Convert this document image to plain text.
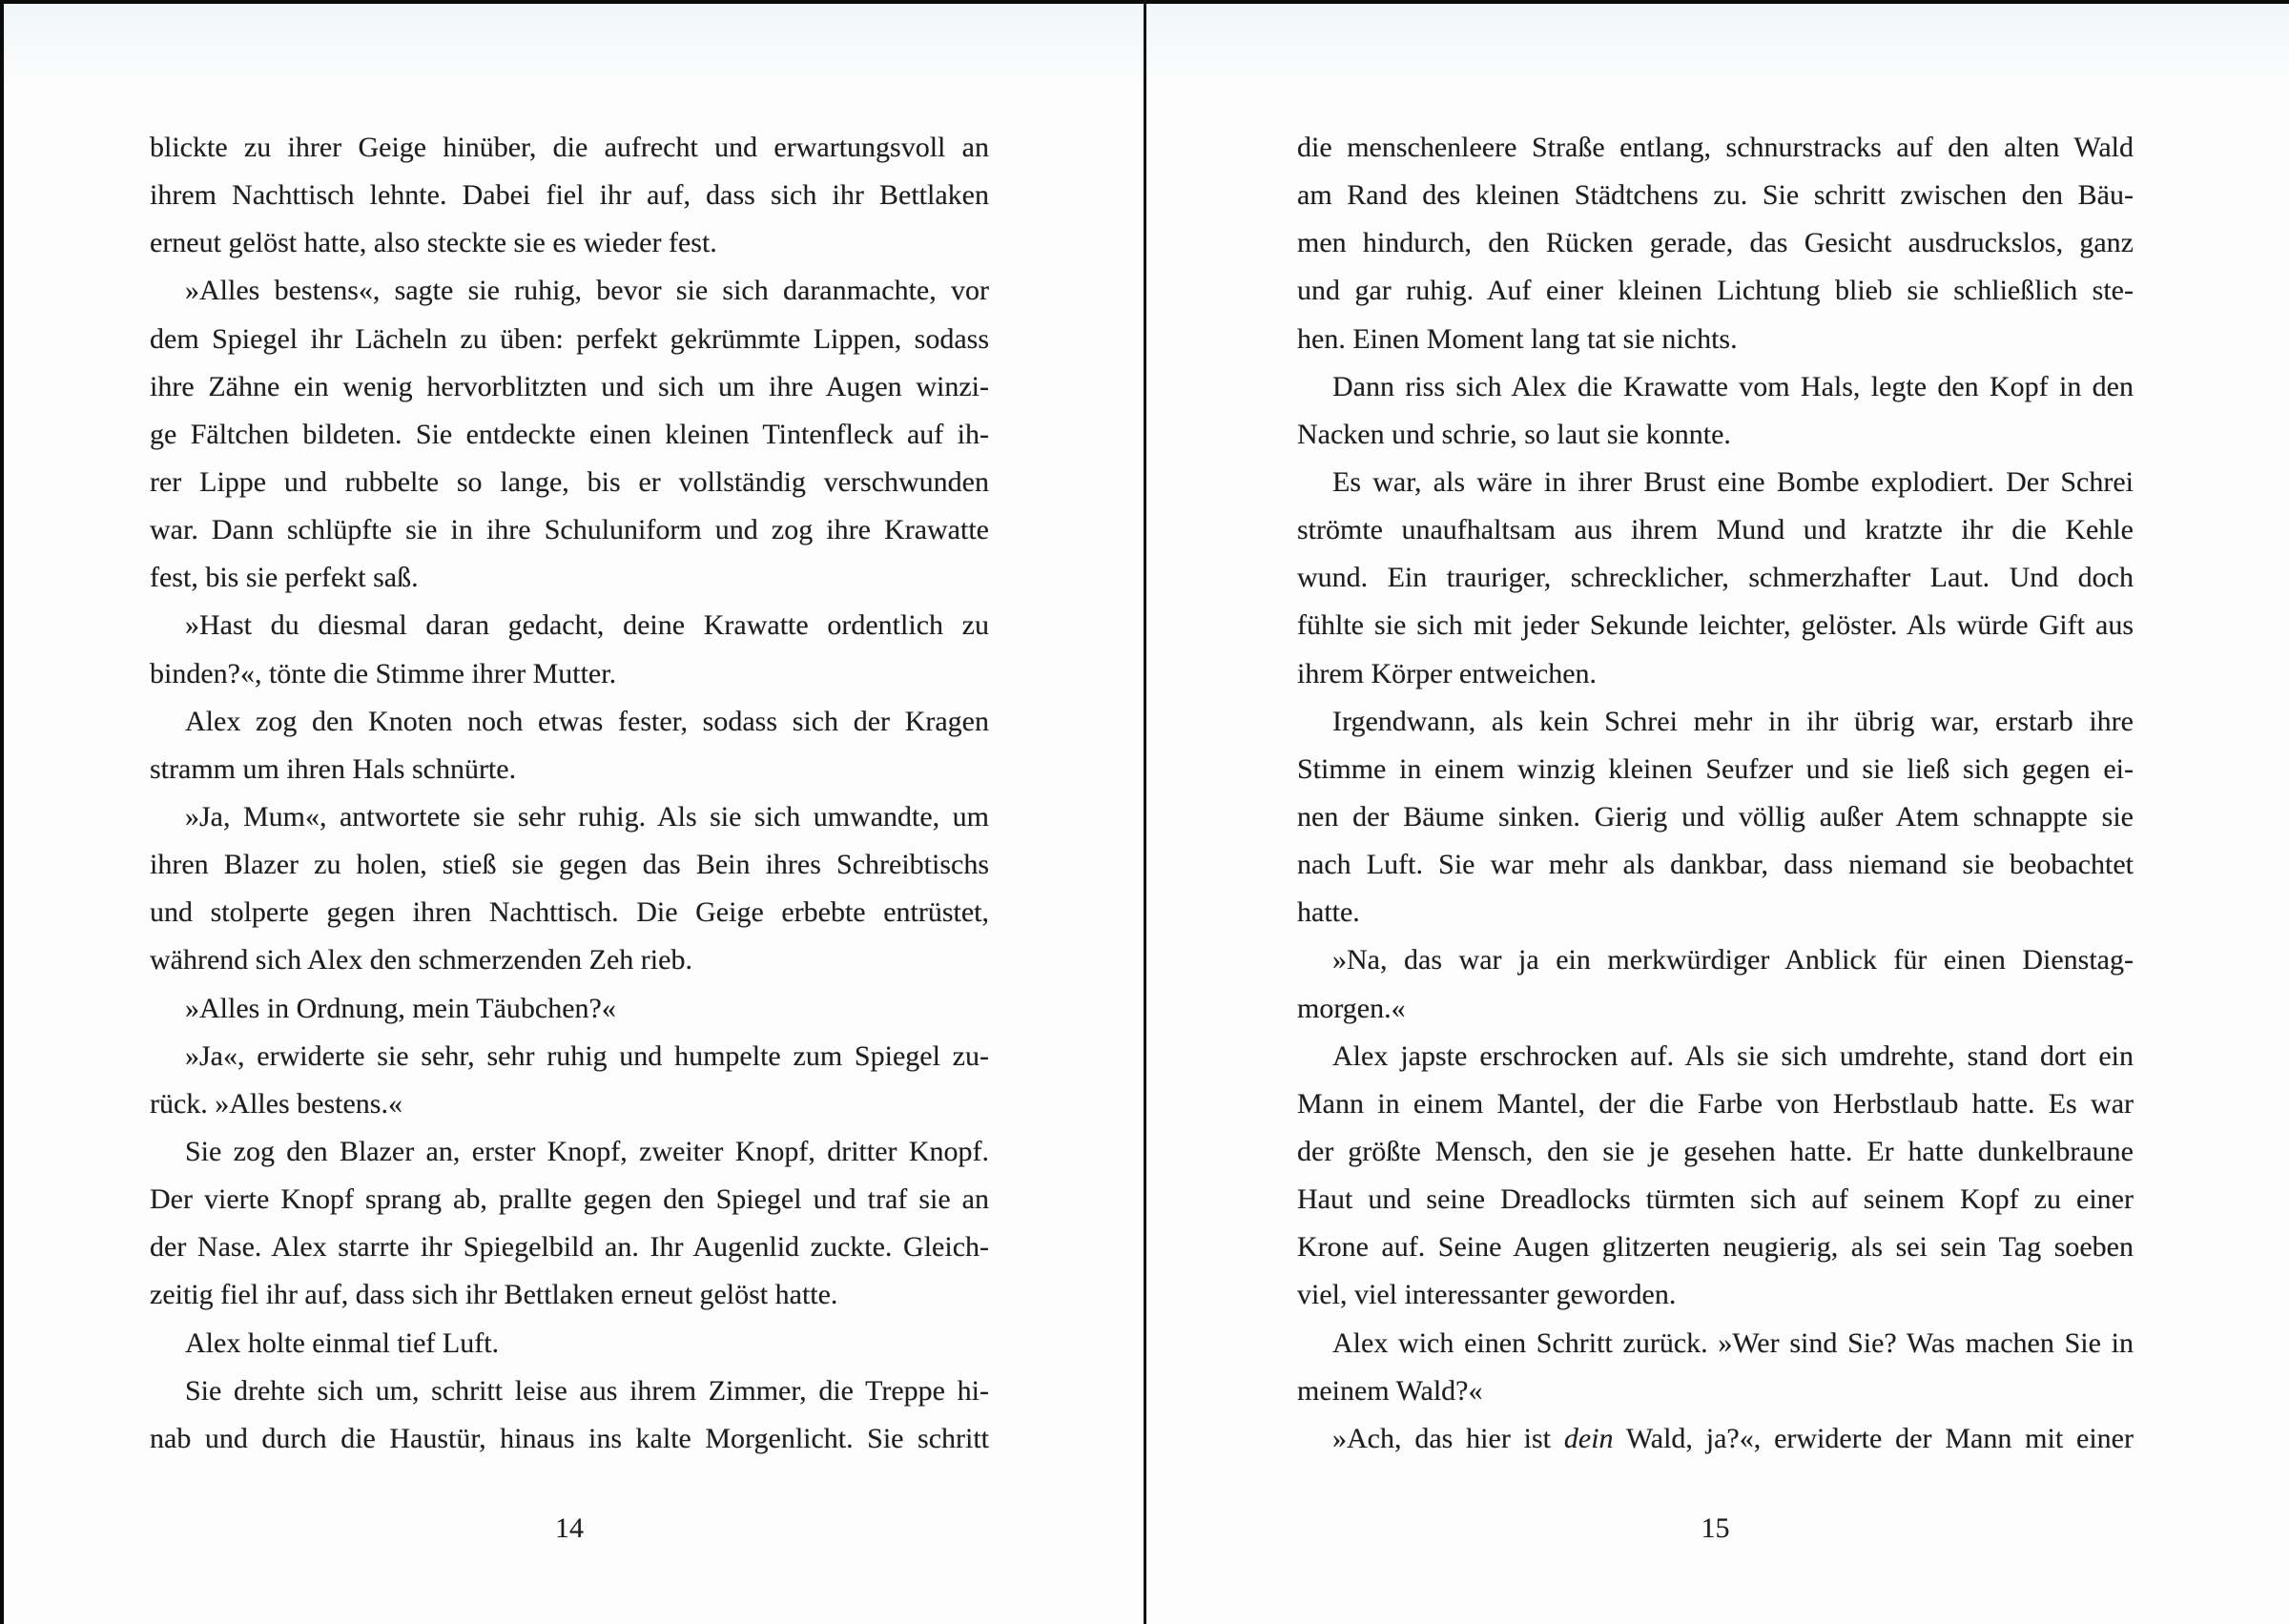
blickte zu ihrer Geige hinüber, die aufrecht und erwartungsvoll an
ihrem Nachttisch lehnte. Dabei fiel ihr auf, dass sich ihr Bettlaken
erneut gelöst hatte, also steckte sie es wieder fest.
»Alles bestens«, sagte sie ruhig, bevor sie sich daranmachte, vor
dem Spiegel ihr Lächeln zu üben: perfekt gekrümmte Lippen, sodass
ihre Zähne ein wenig hervorblitzten und sich um ihre Augen winzi-
ge Fältchen bildeten. Sie entdeckte einen kleinen Tintenfleck auf ih-
rer Lippe und rubbelte so lange, bis er vollständig verschwunden
war. Dann schlüpfte sie in ihre Schuluniform und zog ihre Krawatte
fest, bis sie perfekt saß.
»Hast du diesmal daran gedacht, deine Krawatte ordentlich zu
binden?«, tönte die Stimme ihrer Mutter.
Alex zog den Knoten noch etwas fester, sodass sich der Kragen
stramm um ihren Hals schnürte.
»Ja, Mum«, antwortete sie sehr ruhig. Als sie sich umwandte, um
ihren Blazer zu holen, stieß sie gegen das Bein ihres Schreibtischs
und stolperte gegen ihren Nachttisch. Die Geige erbebte entrüstet,
während sich Alex den schmerzenden Zeh rieb.
»Alles in Ordnung, mein Täubchen?«
»Ja«, erwiderte sie sehr, sehr ruhig und humpelte zum Spiegel zu-
rück. »Alles bestens.«
Sie zog den Blazer an, erster Knopf, zweiter Knopf, dritter Knopf.
Der vierte Knopf sprang ab, prallte gegen den Spiegel und traf sie an
der Nase. Alex starrte ihr Spiegelbild an. Ihr Augenlid zuckte. Gleich-
zeitig fiel ihr auf, dass sich ihr Bettlaken erneut gelöst hatte.
Alex holte einmal tief Luft.
Sie drehte sich um, schritt leise aus ihrem Zimmer, die Treppe hi-
nab und durch die Haustür, hinaus ins kalte Morgenlicht. Sie schritt
die menschenleere Straße entlang, schnurstracks auf den alten Wald
am Rand des kleinen Städtchens zu. Sie schritt zwischen den Bäu-
men hindurch, den Rücken gerade, das Gesicht ausdruckslos, ganz
und gar ruhig. Auf einer kleinen Lichtung blieb sie schließlich ste-
hen. Einen Moment lang tat sie nichts.
Dann riss sich Alex die Krawatte vom Hals, legte den Kopf in den
Nacken und schrie, so laut sie konnte.
Es war, als wäre in ihrer Brust eine Bombe explodiert. Der Schrei
strömte unaufhaltsam aus ihrem Mund und kratzte ihr die Kehle
wund. Ein trauriger, schrecklicher, schmerzhafter Laut. Und doch
fühlte sie sich mit jeder Sekunde leichter, gelöster. Als würde Gift aus
ihrem Körper entweichen.
Irgendwann, als kein Schrei mehr in ihr übrig war, erstarb ihre
Stimme in einem winzig kleinen Seufzer und sie ließ sich gegen ei-
nen der Bäume sinken. Gierig und völlig außer Atem schnappte sie
nach Luft. Sie war mehr als dankbar, dass niemand sie beobachtet
hatte.
»Na, das war ja ein merkwürdiger Anblick für einen Dienstag-
morgen.«
Alex japste erschrocken auf. Als sie sich umdrehte, stand dort ein
Mann in einem Mantel, der die Farbe von Herbstlaub hatte. Es war
der größte Mensch, den sie je gesehen hatte. Er hatte dunkelbraune
Haut und seine Dreadlocks türmten sich auf seinem Kopf zu einer
Krone auf. Seine Augen glitzerten neugierig, als sei sein Tag soeben
viel, viel interessanter geworden.
Alex wich einen Schritt zurück. »Wer sind Sie? Was machen Sie in
meinem Wald?«
»Ach, das hier ist dein Wald, ja?«, erwiderte der Mann mit einer
14	15
